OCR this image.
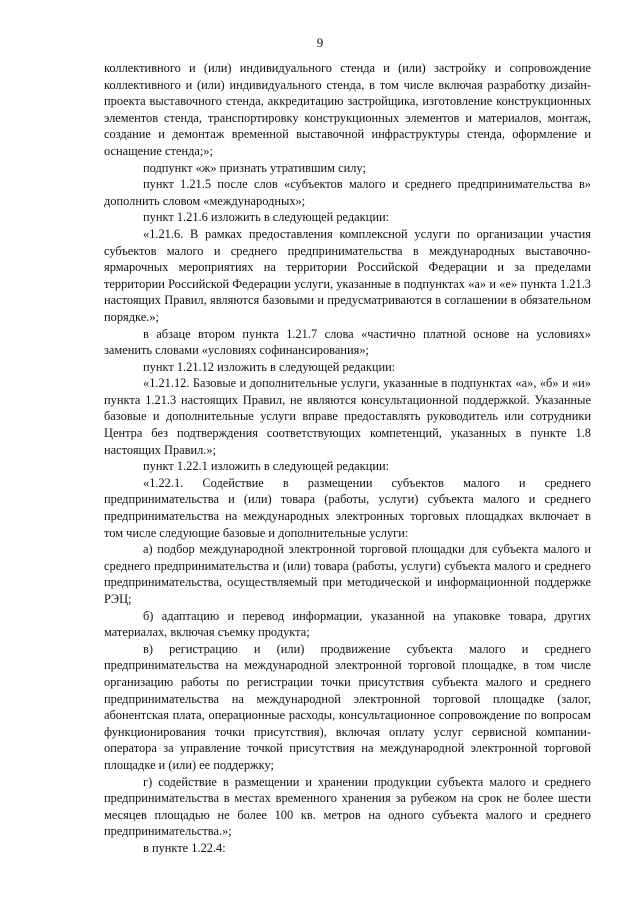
9

коллективного и (или) индивидуального стенда и (или) застройку и сопровождение коллективного и (или) индивидуального стенда, в том числе включая разработку дизайн-проекта выставочного стенда, аккредитацию застройщика, изготовление конструкционных элементов стенда, транспортировку конструкционных элементов и материалов, монтаж, создание и демонтаж временной выставочной инфраструктуры стенда, оформление и оснащение стенда;»;

подпункт «ж» признать утратившим силу;

пункт 1.21.5 после слов «субъектов малого и среднего предпринимательства в» дополнить словом «международных»;

пункт 1.21.6 изложить в следующей редакции:

«1.21.6. В рамках предоставления комплексной услуги по организации участия субъектов малого и среднего предпринимательства в международных выставочно-ярмарочных мероприятиях на территории Российской Федерации и за пределами территории Российской Федерации услуги, указанные в подпунктах «а» и «е» пункта 1.21.3 настоящих Правил, являются базовыми и предусматриваются в соглашении в обязательном порядке.»;

в абзаце втором пункта 1.21.7 слова «частично платной основе на условиях» заменить словами «условиях софинансирования»;

пункт 1.21.12 изложить в следующей редакции:

«1.21.12. Базовые и дополнительные услуги, указанные в подпунктах «а», «б» и «и» пункта 1.21.3 настоящих Правил, не являются консультационной поддержкой. Указанные базовые и дополнительные услуги вправе предоставлять руководитель или сотрудники Центра без подтверждения соответствующих компетенций, указанных в пункте 1.8 настоящих Правил.»;

пункт 1.22.1 изложить в следующей редакции:

«1.22.1. Содействие в размещении субъектов малого и среднего предпринимательства и (или) товара (работы, услуги) субъекта малого и среднего предпринимательства на международных электронных торговых площадках включает в том числе следующие базовые и дополнительные услуги:

а) подбор международной электронной торговой площадки для субъекта малого и среднего предпринимательства и (или) товара (работы, услуги) субъекта малого и среднего предпринимательства, осуществляемый при методической и информационной поддержке РЭЦ;

б) адаптацию и перевод информации, указанной на упаковке товара, других материалах, включая съемку продукта;

в) регистрацию и (или) продвижение субъекта малого и среднего предпринимательства на международной электронной торговой площадке, в том числе организацию работы по регистрации точки присутствия субъекта малого и среднего предпринимательства на международной электронной торговой площадке (залог, абонентская плата, операционные расходы, консультационное сопровождение по вопросам функционирования точки присутствия), включая оплату услуг сервисной компании-оператора за управление точкой присутствия на международной электронной торговой площадке и (или) ее поддержку;

г) содействие в размещении и хранении продукции субъекта малого и среднего предпринимательства в местах временного хранения за рубежом на срок не более шести месяцев площадью не более 100 кв. метров на одного субъекта малого и среднего предпринимательства.»;

в пункте 1.22.4:
